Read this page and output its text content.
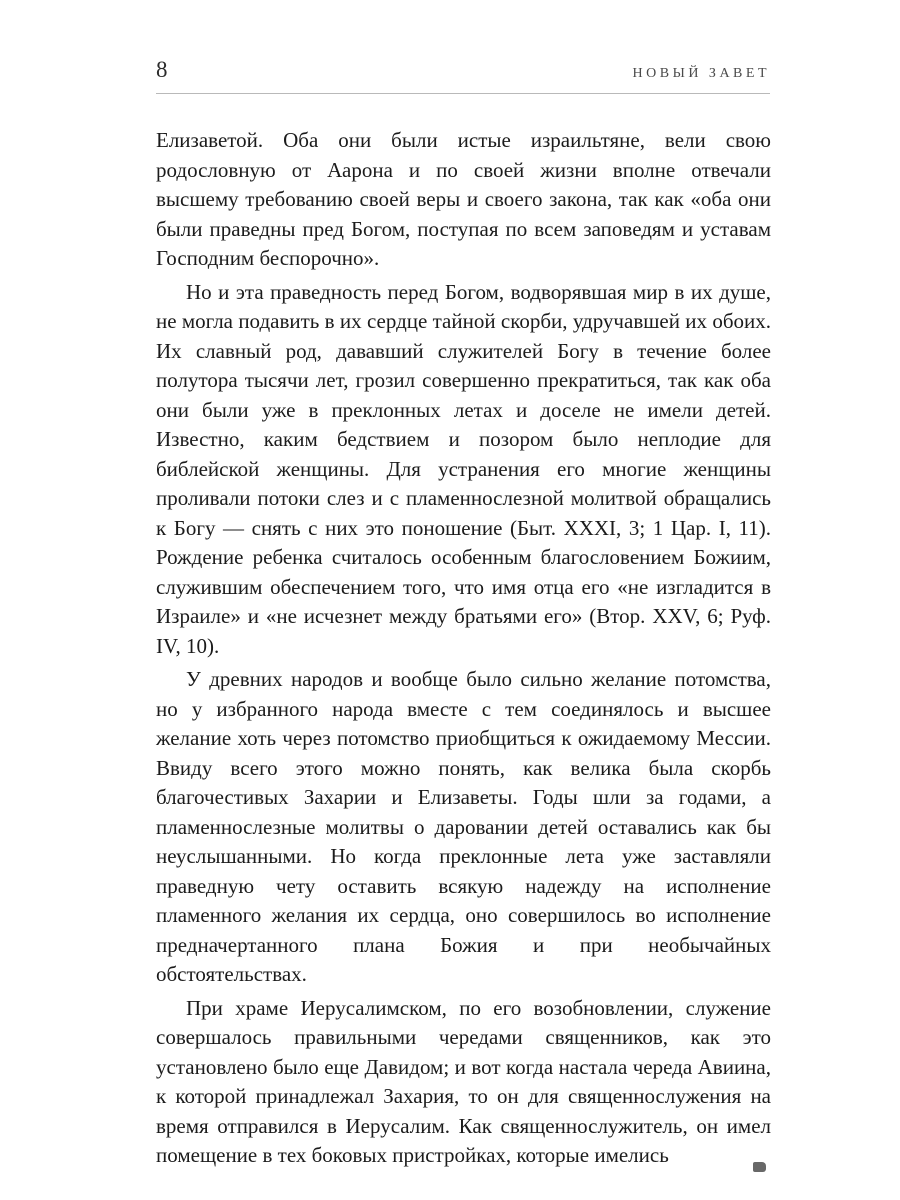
8	НОВЫЙ ЗАВЕТ

Елизаветой. Оба они были истые израильтяне, вели свою родословную от Аарона и по своей жизни вполне отвечали высшему требованию своей веры и своего закона, так как «оба они были праведны пред Богом, поступая по всем заповедям и уставам Господним беспорочно».

Но и эта праведность перед Богом, водворявшая мир в их душе, не могла подавить в их сердце тайной скорби, удручавшей их обоих. Их славный род, дававший служителей Богу в течение более полутора тысячи лет, грозил совершенно прекратиться, так как оба они были уже в преклонных летах и доселе не имели детей. Известно, каким бедствием и позором было неплодие для библейской женщины. Для устранения его многие женщины проливали потоки слез и с пламеннослезной молитвой обращались к Богу — снять с них это поношение (Быт. XXXI, 3; 1 Цар. I, 11). Рождение ребенка считалось особенным благословением Божиим, служившим обеспечением того, что имя отца его «не изгладится в Израиле» и «не исчезнет между братьями его» (Втор. XXV, 6; Руф. IV, 10).

У древних народов и вообще было сильно желание потомства, но у избранного народа вместе с тем соединялось и высшее желание хоть через потомство приобщиться к ожидаемому Мессии. Ввиду всего этого можно понять, как велика была скорбь благочестивых Захарии и Елизаветы. Годы шли за годами, а пламеннослезные молитвы о даровании детей оставались как бы неуслышанными. Но когда преклонные лета уже заставляли праведную чету оставить всякую надежду на исполнение пламенного желания их сердца, оно совершилось во исполнение предначертанного плана Божия и при необычайных обстоятельствах.

При храме Иерусалимском, по его возобновлении, служение совершалось правильными чередами священников, как это установлено было еще Давидом; и вот когда настала череда Авиина, к которой принадлежал Захария, то он для священнослужения на время отправился в Иерусалим. Как священнослужитель, он имел помещение в тех боковых пристройках, которые имелись
